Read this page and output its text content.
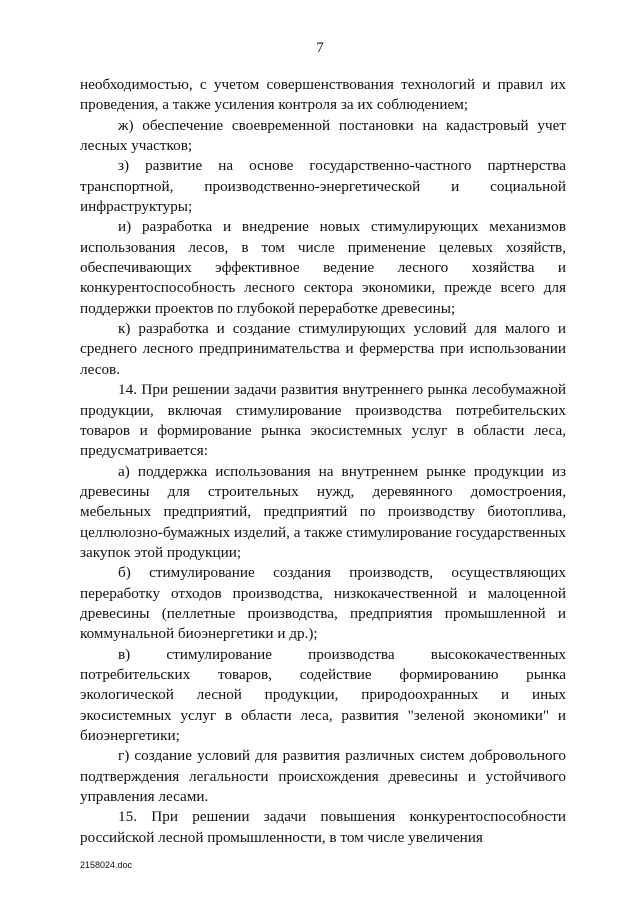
7

необходимостью, с учетом совершенствования технологий и правил их проведения, а также усиления контроля за их соблюдением;

ж) обеспечение своевременной постановки на кадастровый учет лесных участков;

з) развитие на основе государственно-частного партнерства транспортной, производственно-энергетической и социальной инфраструктуры;

и) разработка и внедрение новых стимулирующих механизмов использования лесов, в том числе применение целевых хозяйств, обеспечивающих эффективное ведение лесного хозяйства и конкурентоспособность лесного сектора экономики, прежде всего для поддержки проектов по глубокой переработке древесины;

к) разработка и создание стимулирующих условий для малого и среднего лесного предпринимательства и фермерства при использовании лесов.

14. При решении задачи развития внутреннего рынка лесобумажной продукции, включая стимулирование производства потребительских товаров и формирование рынка экосистемных услуг в области леса, предусматривается:

а) поддержка использования на внутреннем рынке продукции из древесины для строительных нужд, деревянного домостроения, мебельных предприятий, предприятий по производству биотоплива, целлюлозно-бумажных изделий, а также стимулирование государственных закупок этой продукции;

б) стимулирование создания производств, осуществляющих переработку отходов производства, низкокачественной и малоценной древесины (пеллетные производства, предприятия промышленной и коммунальной биоэнергетики и др.);

в) стимулирование производства высококачественных потребительских товаров, содействие формированию рынка экологической лесной продукции, природоохранных и иных экосистемных услуг в области леса, развития "зеленой экономики" и биоэнергетики;

г) создание условий для развития различных систем добровольного подтверждения легальности происхождения древесины и устойчивого управления лесами.

15. При решении задачи повышения конкурентоспособности российской лесной промышленности, в том числе увеличения

2158024.doc
